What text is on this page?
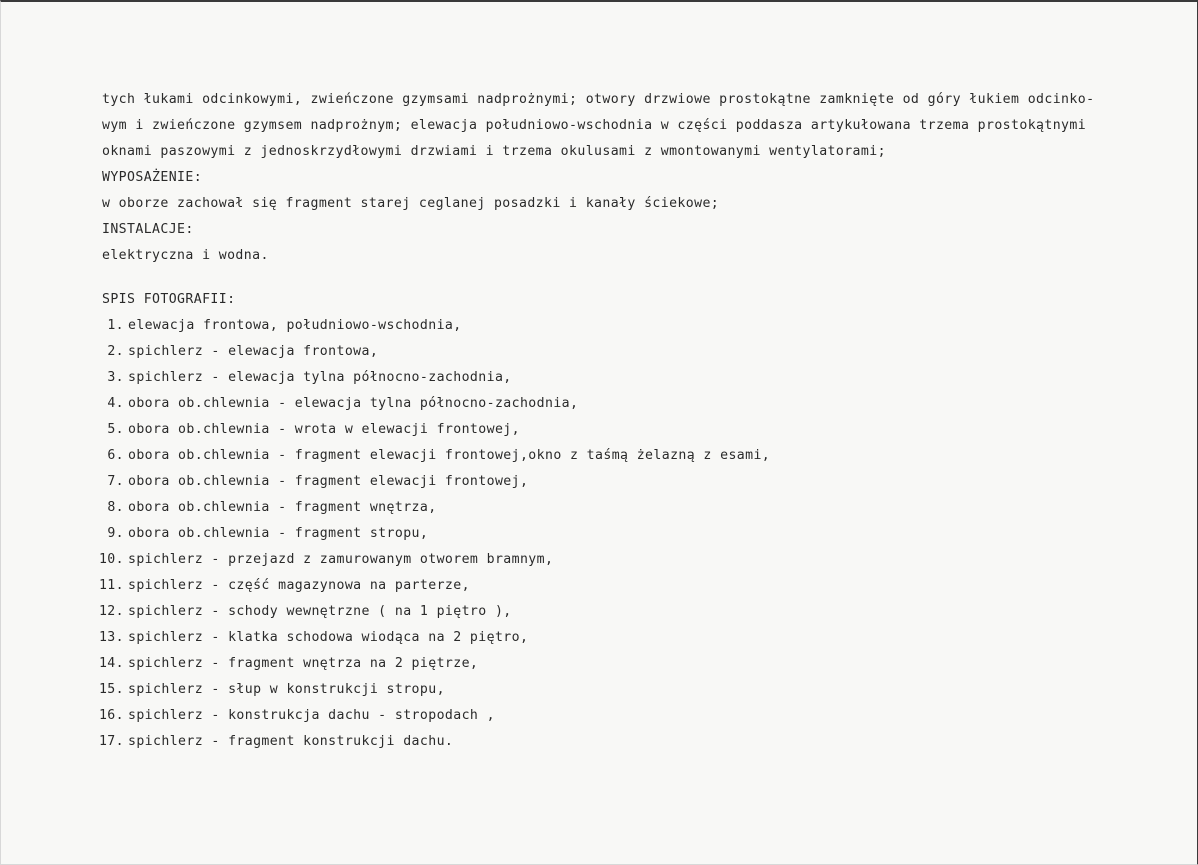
tych łukami odcinkowymi, zwieńczone gzymsami nadprożnymi; otwory drzwiowe prostokątne zamknięte od góry łukiem odcinko-
wym i zwieńczone gzymsem nadprożnym; elewacja południowo-wschodnia w części poddasza artykułowana trzema prostokątnymi
oknami paszowymi z jednoskrzydłowymi drzwiami i trzema okulusami z wmontowanymi wentylatorami;
WYPOSAŻENIE:
w oborze zachował się fragment starej ceglanej posadzki i kanały ściekowe;
INSTALACJE:
elektryczna i wodna.
SPIS FOTOGRAFII:
1. elewacja frontowa, południowo-wschodnia,
2. spichlerz - elewacja frontowa,
3. spichlerz - elewacja tylna północno-zachodnia,
4. obora ob.chlewnia - elewacja tylna północno-zachodnia,
5. obora ob.chlewnia - wrota w elewacji frontowej,
6. obora ob.chlewnia - fragment elewacji frontowej,okno z taśmą żelazną z esami,
7. obora ob.chlewnia - fragment elewacji frontowej,
8. obora ob.chlewnia - fragment wnętrza,
9. obora ob.chlewnia - fragment stropu,
10. spichlerz - przejazd z zamurowanym otworem bramnym,
11. spichlerz - część magazynowa na parterze,
12. spichlerz - schody wewnętrzne ( na 1 piętro ),
13. spichlerz - klatka schodowa wiodąca na 2 piętro,
14. spichlerz - fragment wnętrza na 2 piętrze,
15. spichlerz - słup w konstrukcji stropu,
16. spichlerz - konstrukcja dachu - stropodach ,
17. spichlerz - fragment konstrukcji dachu.
